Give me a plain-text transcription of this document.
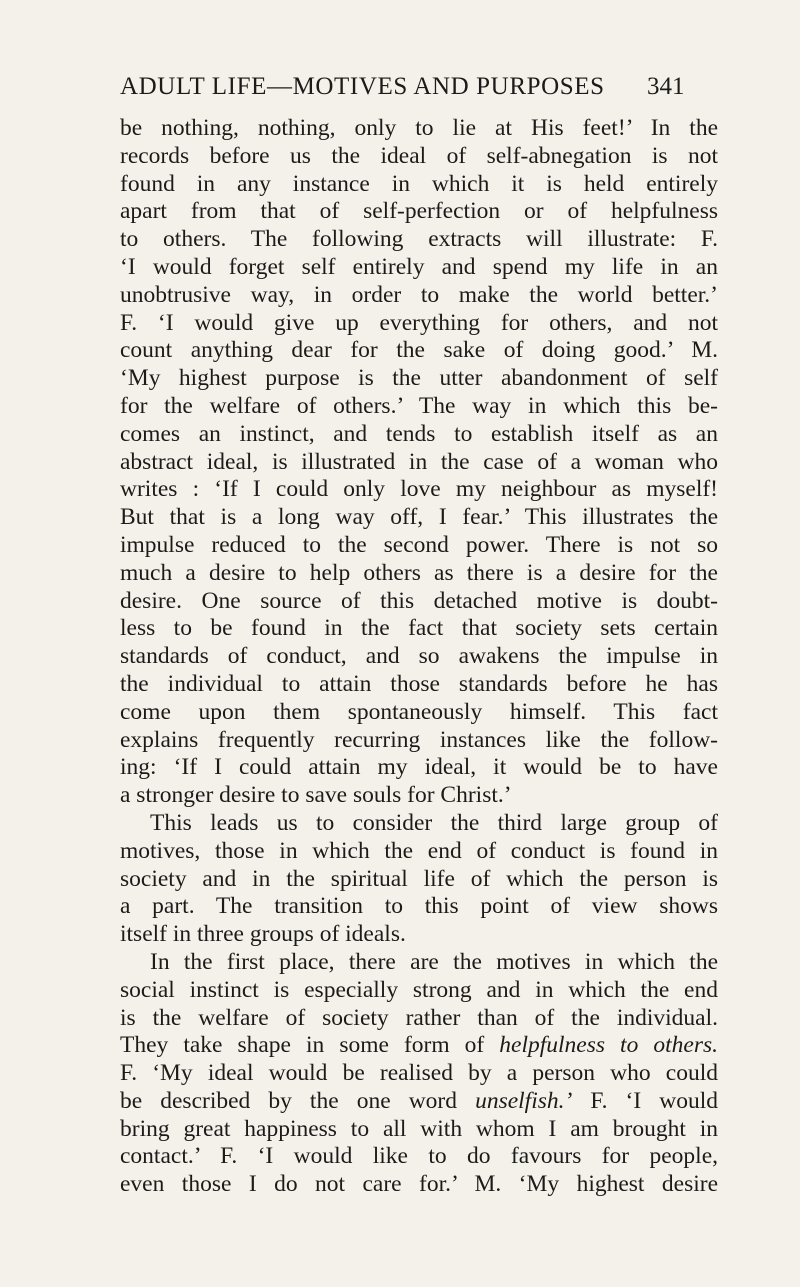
ADULT LIFE—MOTIVES AND PURPOSES 341
be nothing, nothing, only to lie at His feet!’ In the
records before us the ideal of self-abnegation is not
found in any instance in which it is held entirely
apart from that of self-perfection or of helpfulness
to others. The following extracts will illustrate: F.
‘I would forget self entirely and spend my life in an
unobtrusive way, in order to make the world better.’
F. ‘I would give up everything for others, and not
count anything dear for the sake of doing good.’ M.
‘My highest purpose is the utter abandonment of self
for the welfare of others.’ The way in which this be-
comes an instinct, and tends to establish itself as an
abstract ideal, is illustrated in the case of a woman who
writes : ‘If I could only love my neighbour as myself!
But that is a long way off, I fear.’ This illustrates the
impulse reduced to the second power. There is not so
much a desire to help others as there is a desire for the
desire. One source of this detached motive is doubt-
less to be found in the fact that society sets certain
standards of conduct, and so awakens the impulse in
the individual to attain those standards before he has
come upon them spontaneously himself. This fact
explains frequently recurring instances like the follow-
ing: ‘If I could attain my ideal, it would be to have
a stronger desire to save souls for Christ.’
This leads us to consider the third large group of
motives, those in which the end of conduct is found in
society and in the spiritual life of which the person is
a part. The transition to this point of view shows
itself in three groups of ideals.
In the first place, there are the motives in which the
social instinct is especially strong and in which the end
is the welfare of society rather than of the individual.
They take shape in some form of helpfulness to others.
F. ‘My ideal would be realised by a person who could
be described by the one word unselfish.’ F. ‘I would
bring great happiness to all with whom I am brought in
contact.’ F. ‘I would like to do favours for people,
even those I do not care for.’ M. ‘My highest desire
